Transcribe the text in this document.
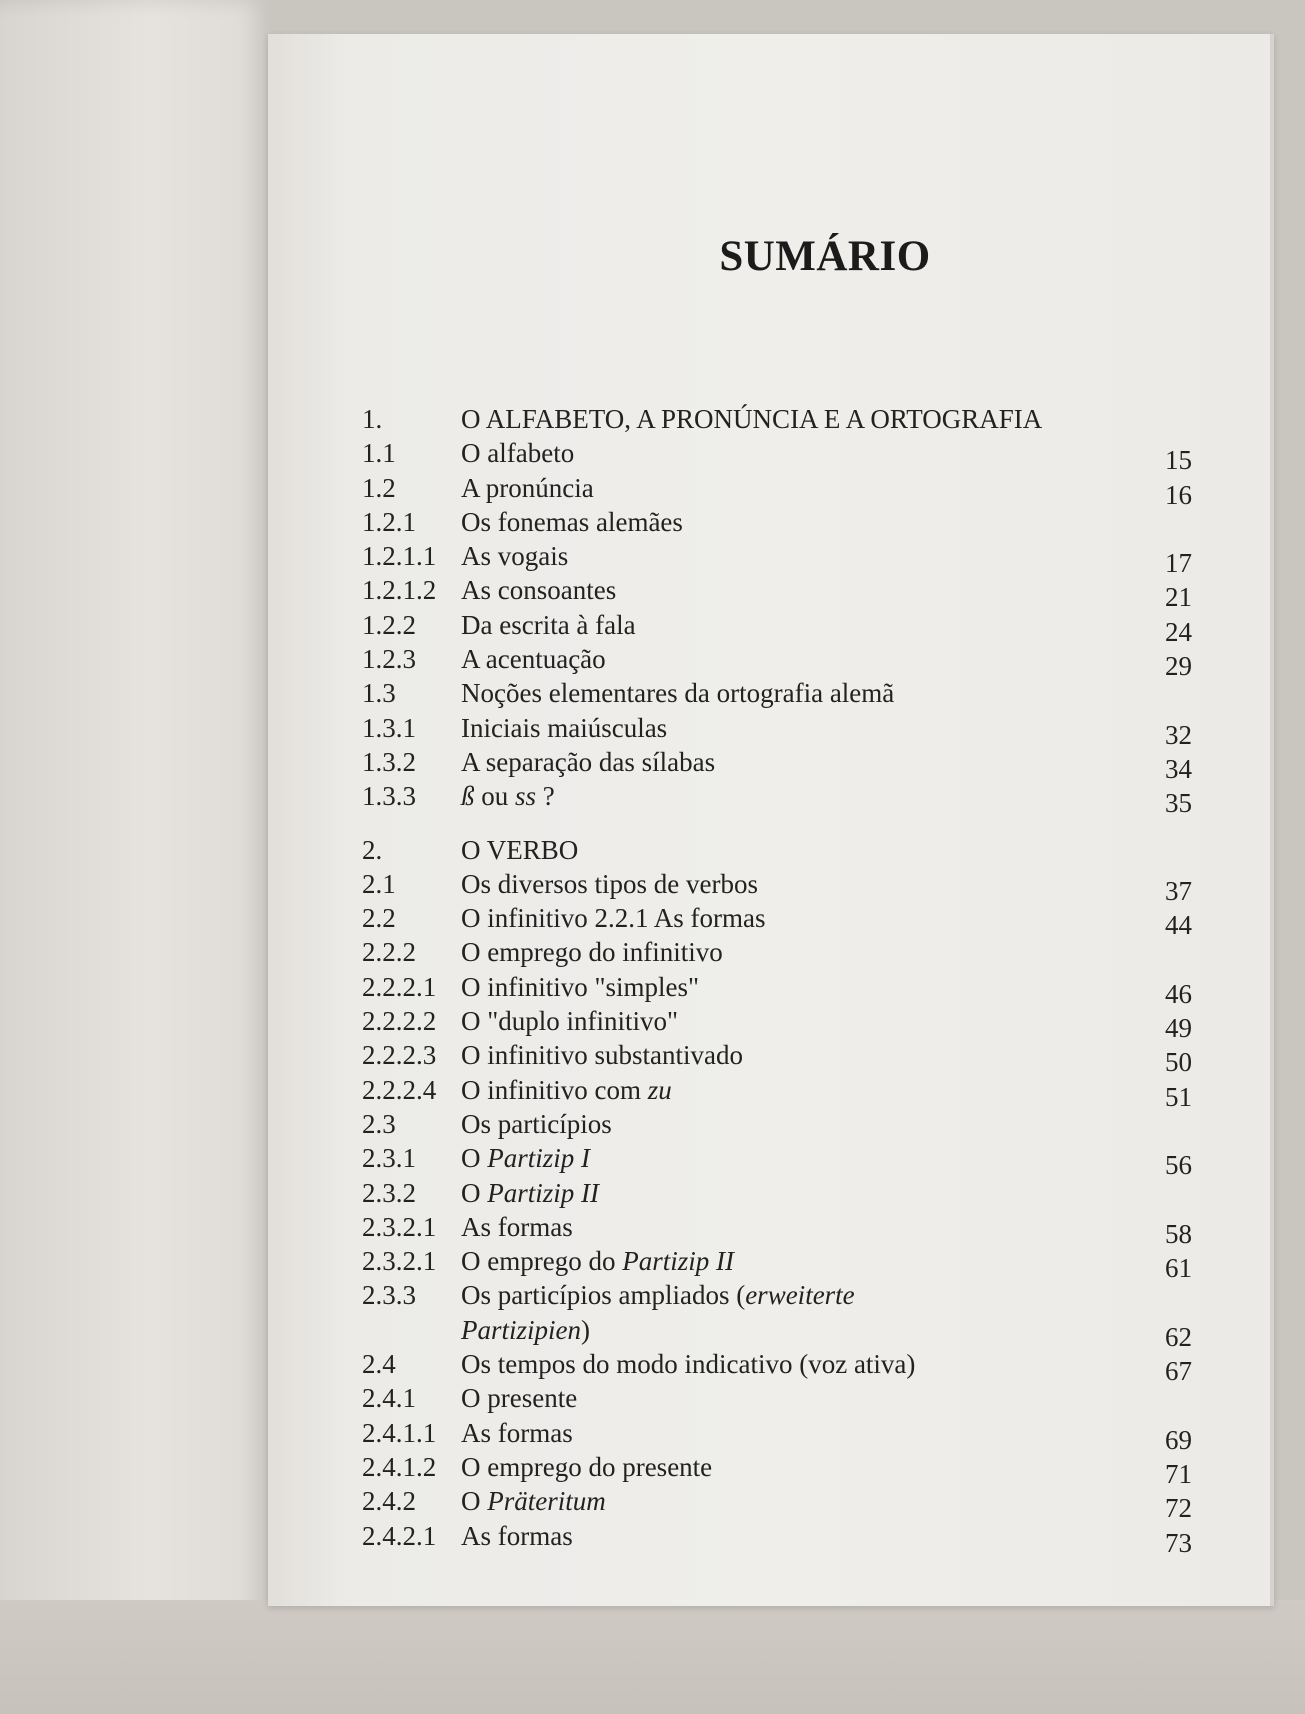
SUMÁRIO
1.	O ALFABETO, A PRONÚNCIA E A ORTOGRAFIA
1.1 O alfabeto	15
1.2 A pronúncia	16
1.2.1 Os fonemas alemães
1.2.1.1 As vogais	17
1.2.1.2 As consoantes	21
1.2.2 Da escrita à fala	24
1.2.3 A acentuação	29
1.3 Noções elementares da ortografia alemã
1.3.1 Iniciais maiúsculas	32
1.3.2 A separação das sílabas	34
1.3.3 ß ou ss ?	35
2.	O VERBO
2.1 Os diversos tipos de verbos	37
2.2 O infinitivo 2.2.1 As formas	44
2.2.2 O emprego do infinitivo
2.2.2.1 O infinitivo "simples"	46
2.2.2.2 O "duplo infinitivo"	49
2.2.2.3 O infinitivo substantivado	50
2.2.2.4 O infinitivo com zu	51
2.3 Os particípios
2.3.1 O Partizip I	56
2.3.2 O Partizip II
2.3.2.1 As formas	58
2.3.2.1 O emprego do Partizip II	61
2.3.3 Os particípios ampliados (erweiterte
Partizipien)	62
2.4 Os tempos do modo indicativo (voz ativa)	67
2.4.1 O presente
2.4.1.1 As formas	69
2.4.1.2 O emprego do presente	71
2.4.2 O Präteritum	72
2.4.2.1 As formas	73
